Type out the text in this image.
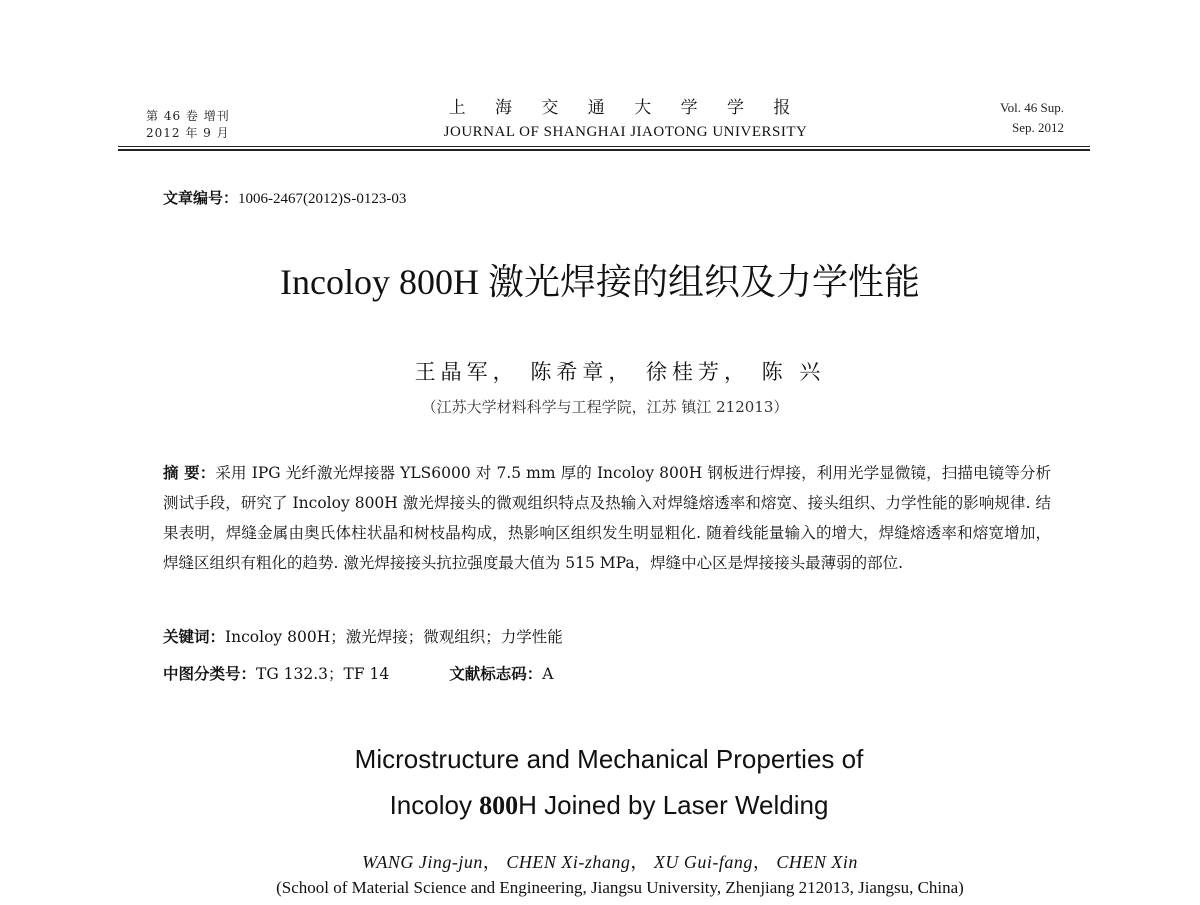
第 46 卷 增刊
2012 年 9 月
上 海 交 通 大 学 学 报
JOURNAL OF SHANGHAI JIAOTONG UNIVERSITY
Vol. 46 Sup.
Sep. 2012
文章编号：1006-2467(2012)S-0123-03
Incoloy 800H 激光焊接的组织及力学性能
王晶军， 陈希章， 徐桂芳， 陈 兴
（江苏大学材料科学与工程学院，江苏 镇江 212013）
摘 要：采用 IPG 光纤激光焊接器 YLS6000 对 7.5 mm 厚的 Incoloy 800H 钢板进行焊接，利用光学显微镜，扫描电镜等分析测试手段，研究了 Incoloy 800H 激光焊接头的微观组织特点及热输入对焊缝熔透率和熔宽、接头组织、力学性能的影响规律. 结果表明，焊缝金属由奥氏体柱状晶和树枝晶构成，热影响区组织发生明显粗化. 随着线能量输入的增大，焊缝熔透率和熔宽增加，焊缝区组织有粗化的趋势. 激光焊接接头抗拉强度最大值为 515 MPa，焊缝中心区是焊接接头最薄弱的部位.
关键词：Incoloy 800H；激光焊接；微观组织；力学性能
中图分类号：TG 132.3；TF 14	文献标志码：A
Microstructure and Mechanical Properties of
Incoloy 800H Joined by Laser Welding
WANG Jing-jun， CHEN Xi-zhang， XU Gui-fang， CHEN Xin
(School of Material Science and Engineering, Jiangsu University, Zhenjiang 212013, Jiangsu, China)
